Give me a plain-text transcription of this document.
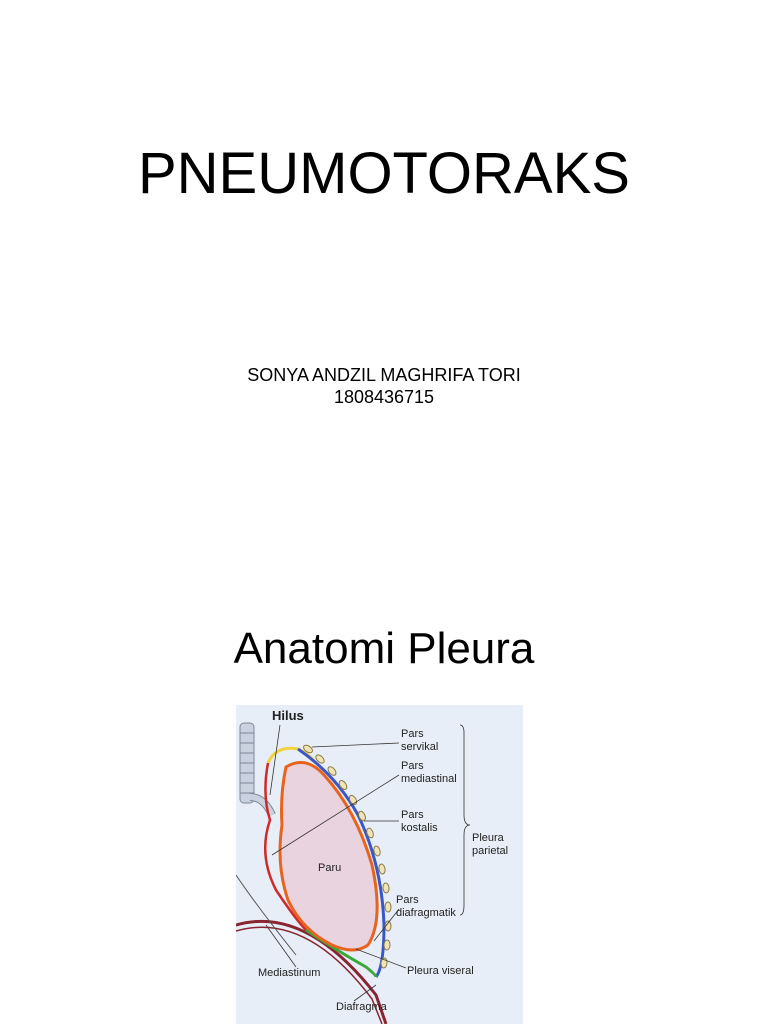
PNEUMOTORAKS
SONYA ANDZIL MAGHRIFA TORI
1808436715
Anatomi Pleura
Hilus
Pars
servikal
Pars
mediastinal
Pars
kostalis
Pleura
parietal
Paru
Pars
diafragmatik
Mediastinum	Pleura viseral
Diafragma
